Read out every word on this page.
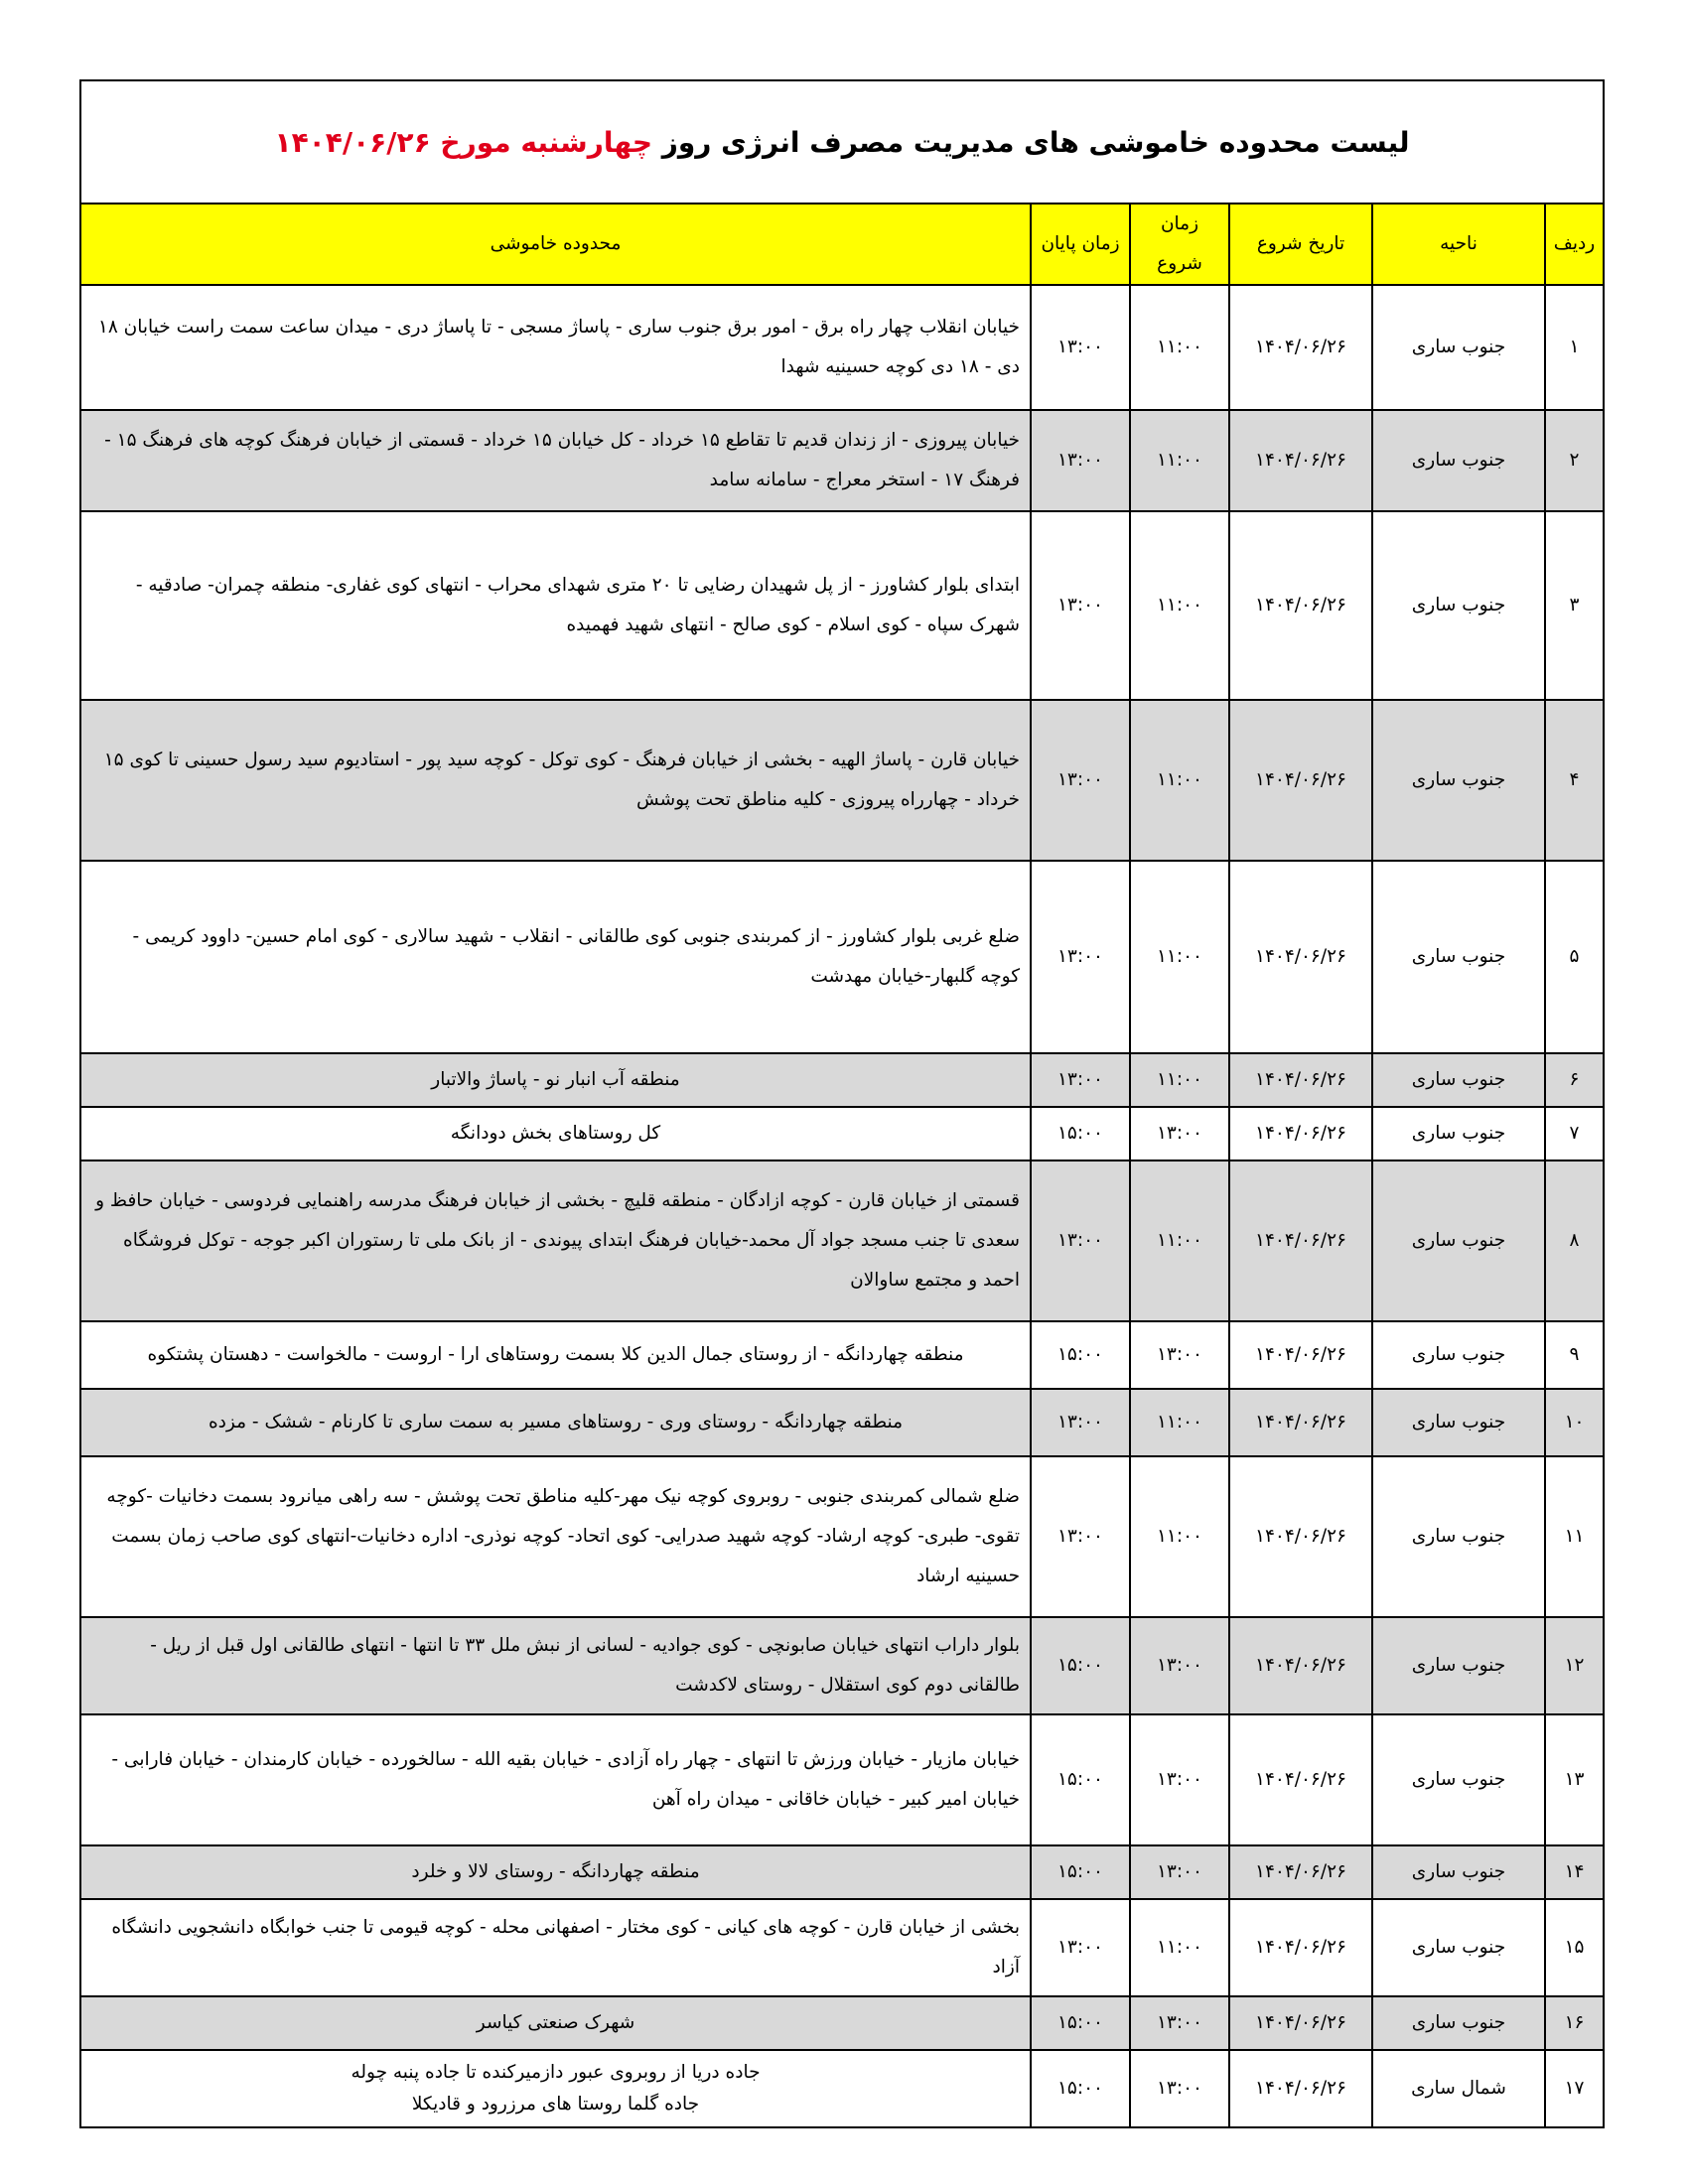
لیست محدوده خاموشی های مدیریت مصرف انرژی روز

چهارشنبه مورخ ۱۴۰۴/۰۶/۲۶
ردیف	ناحیه	تاریخ شروع	زمان شروع	زمان پایان	محدوده خاموشی
۱	جنوب ساری	۱۴۰۴/۰۶/۲۶	۱۱:۰۰	۱۳:۰۰	خیابان انقلاب چهار راه برق - امور برق جنوب ساری - پاساژ مسجی - تا پاساژ دری - میدان ساعت سمت راست خیابان ۱۸ دی - ۱۸ دی کوچه حسینیه شهدا
۲	جنوب ساری	۱۴۰۴/۰۶/۲۶	۱۱:۰۰	۱۳:۰۰	خیابان پیروزی - از زندان قدیم تا تقاطع ۱۵ خرداد - کل خیابان ۱۵ خرداد - قسمتی از خیابان فرهنگ کوچه های فرهنگ ۱۵ - فرهنگ ۱۷ - استخر معراج - سامانه سامد
۳	جنوب ساری	۱۴۰۴/۰۶/۲۶	۱۱:۰۰	۱۳:۰۰	ابتدای بلوار کشاورز - از پل شهیدان رضایی تا ۲۰ متری شهدای محراب - انتهای کوی غفاری- منطقه چمران- صادقیه - شهرک سپاه - کوی اسلام - کوی صالح - انتهای شهید فهمیده
۴	جنوب ساری	۱۴۰۴/۰۶/۲۶	۱۱:۰۰	۱۳:۰۰	خیابان قارن - پاساژ الهیه - بخشی از خیابان فرهنگ - کوی توکل - کوچه سید پور - استادیوم سید رسول حسینی تا کوی ۱۵ خرداد - چهارراه پیروزی - کلیه مناطق تحت پوشش
۵	جنوب ساری	۱۴۰۴/۰۶/۲۶	۱۱:۰۰	۱۳:۰۰	ضلع غربی بلوار کشاورز - از کمربندی جنوبی کوی طالقانی - انقلاب - شهید سالاری - کوی امام حسین- داوود کریمی - کوچه گلبهار-خیابان مهدشت
۶	جنوب ساری	۱۴۰۴/۰۶/۲۶	۱۱:۰۰	۱۳:۰۰	منطقه آب انبار نو - پاساژ والاتبار
۷	جنوب ساری	۱۴۰۴/۰۶/۲۶	۱۳:۰۰	۱۵:۰۰	کل روستاهای بخش دودانگه
۸	جنوب ساری	۱۴۰۴/۰۶/۲۶	۱۱:۰۰	۱۳:۰۰	قسمتی از خیابان قارن - کوچه ازادگان - منطقه قلیچ - بخشی از خیابان فرهنگ مدرسه راهنمایی فردوسی - خیابان حافظ و سعدی تا جنب مسجد جواد آل محمد-خیابان فرهنگ ابتدای پیوندی - از بانک ملی تا رستوران اکبر جوجه - توکل فروشگاه احمد و مجتمع ساوالان
۹	جنوب ساری	۱۴۰۴/۰۶/۲۶	۱۳:۰۰	۱۵:۰۰	منطقه چهاردانگه - از روستای جمال الدین کلا بسمت روستاهای ارا - اروست - مالخواست - دهستان پشتکوه
۱۰	جنوب ساری	۱۴۰۴/۰۶/۲۶	۱۱:۰۰	۱۳:۰۰	منطقه چهاردانگه - روستای وری - روستاهای مسیر به سمت ساری تا کارنام - ششک - مزده
۱۱	جنوب ساری	۱۴۰۴/۰۶/۲۶	۱۱:۰۰	۱۳:۰۰	ضلع شمالی کمربندی جنوبی - روبروی کوچه نیک مهر-کلیه مناطق تحت پوشش - سه راهی میانرود بسمت دخانیات -کوچه تقوی- طبری- کوچه ارشاد- کوچه شهید صدرایی- کوی اتحاد- کوچه نوذری- اداره دخانیات-انتهای کوی صاحب زمان بسمت حسینیه ارشاد
۱۲	جنوب ساری	۱۴۰۴/۰۶/۲۶	۱۳:۰۰	۱۵:۰۰	بلوار داراب انتهای خیابان صابونچی - کوی جوادیه - لسانی از نبش ملل ۳۳ تا انتها - انتهای طالقانی اول قبل از ریل - طالقانی دوم کوی استقلال - روستای لاکدشت
۱۳	جنوب ساری	۱۴۰۴/۰۶/۲۶	۱۳:۰۰	۱۵:۰۰	خیابان مازیار - خیابان ورزش تا انتهای - چهار راه آزادی - خیابان بقیه الله - سالخورده - خیابان کارمندان - خیابان فارابی - خیابان امیر کبیر - خیابان خاقانی - میدان راه آهن
۱۴	جنوب ساری	۱۴۰۴/۰۶/۲۶	۱۳:۰۰	۱۵:۰۰	منطقه چهاردانگه - روستای لالا و خلرد
۱۵	جنوب ساری	۱۴۰۴/۰۶/۲۶	۱۱:۰۰	۱۳:۰۰	بخشی از خیابان قارن - کوچه های کیانی - کوی مختار - اصفهانی محله - کوچه قیومی تا جنب خوابگاه دانشجویی دانشگاه آزاد
۱۶	جنوب ساری	۱۴۰۴/۰۶/۲۶	۱۳:۰۰	۱۵:۰۰	شهرک صنعتی کیاسر
۱۷	شمال ساری	۱۴۰۴/۰۶/۲۶	۱۳:۰۰	۱۵:۰۰	جاده دریا از روبروی عبور دازمیرکنده تا جاده پنبه چوله
جاده گلما روستا های مرزرود و قادیکلا
